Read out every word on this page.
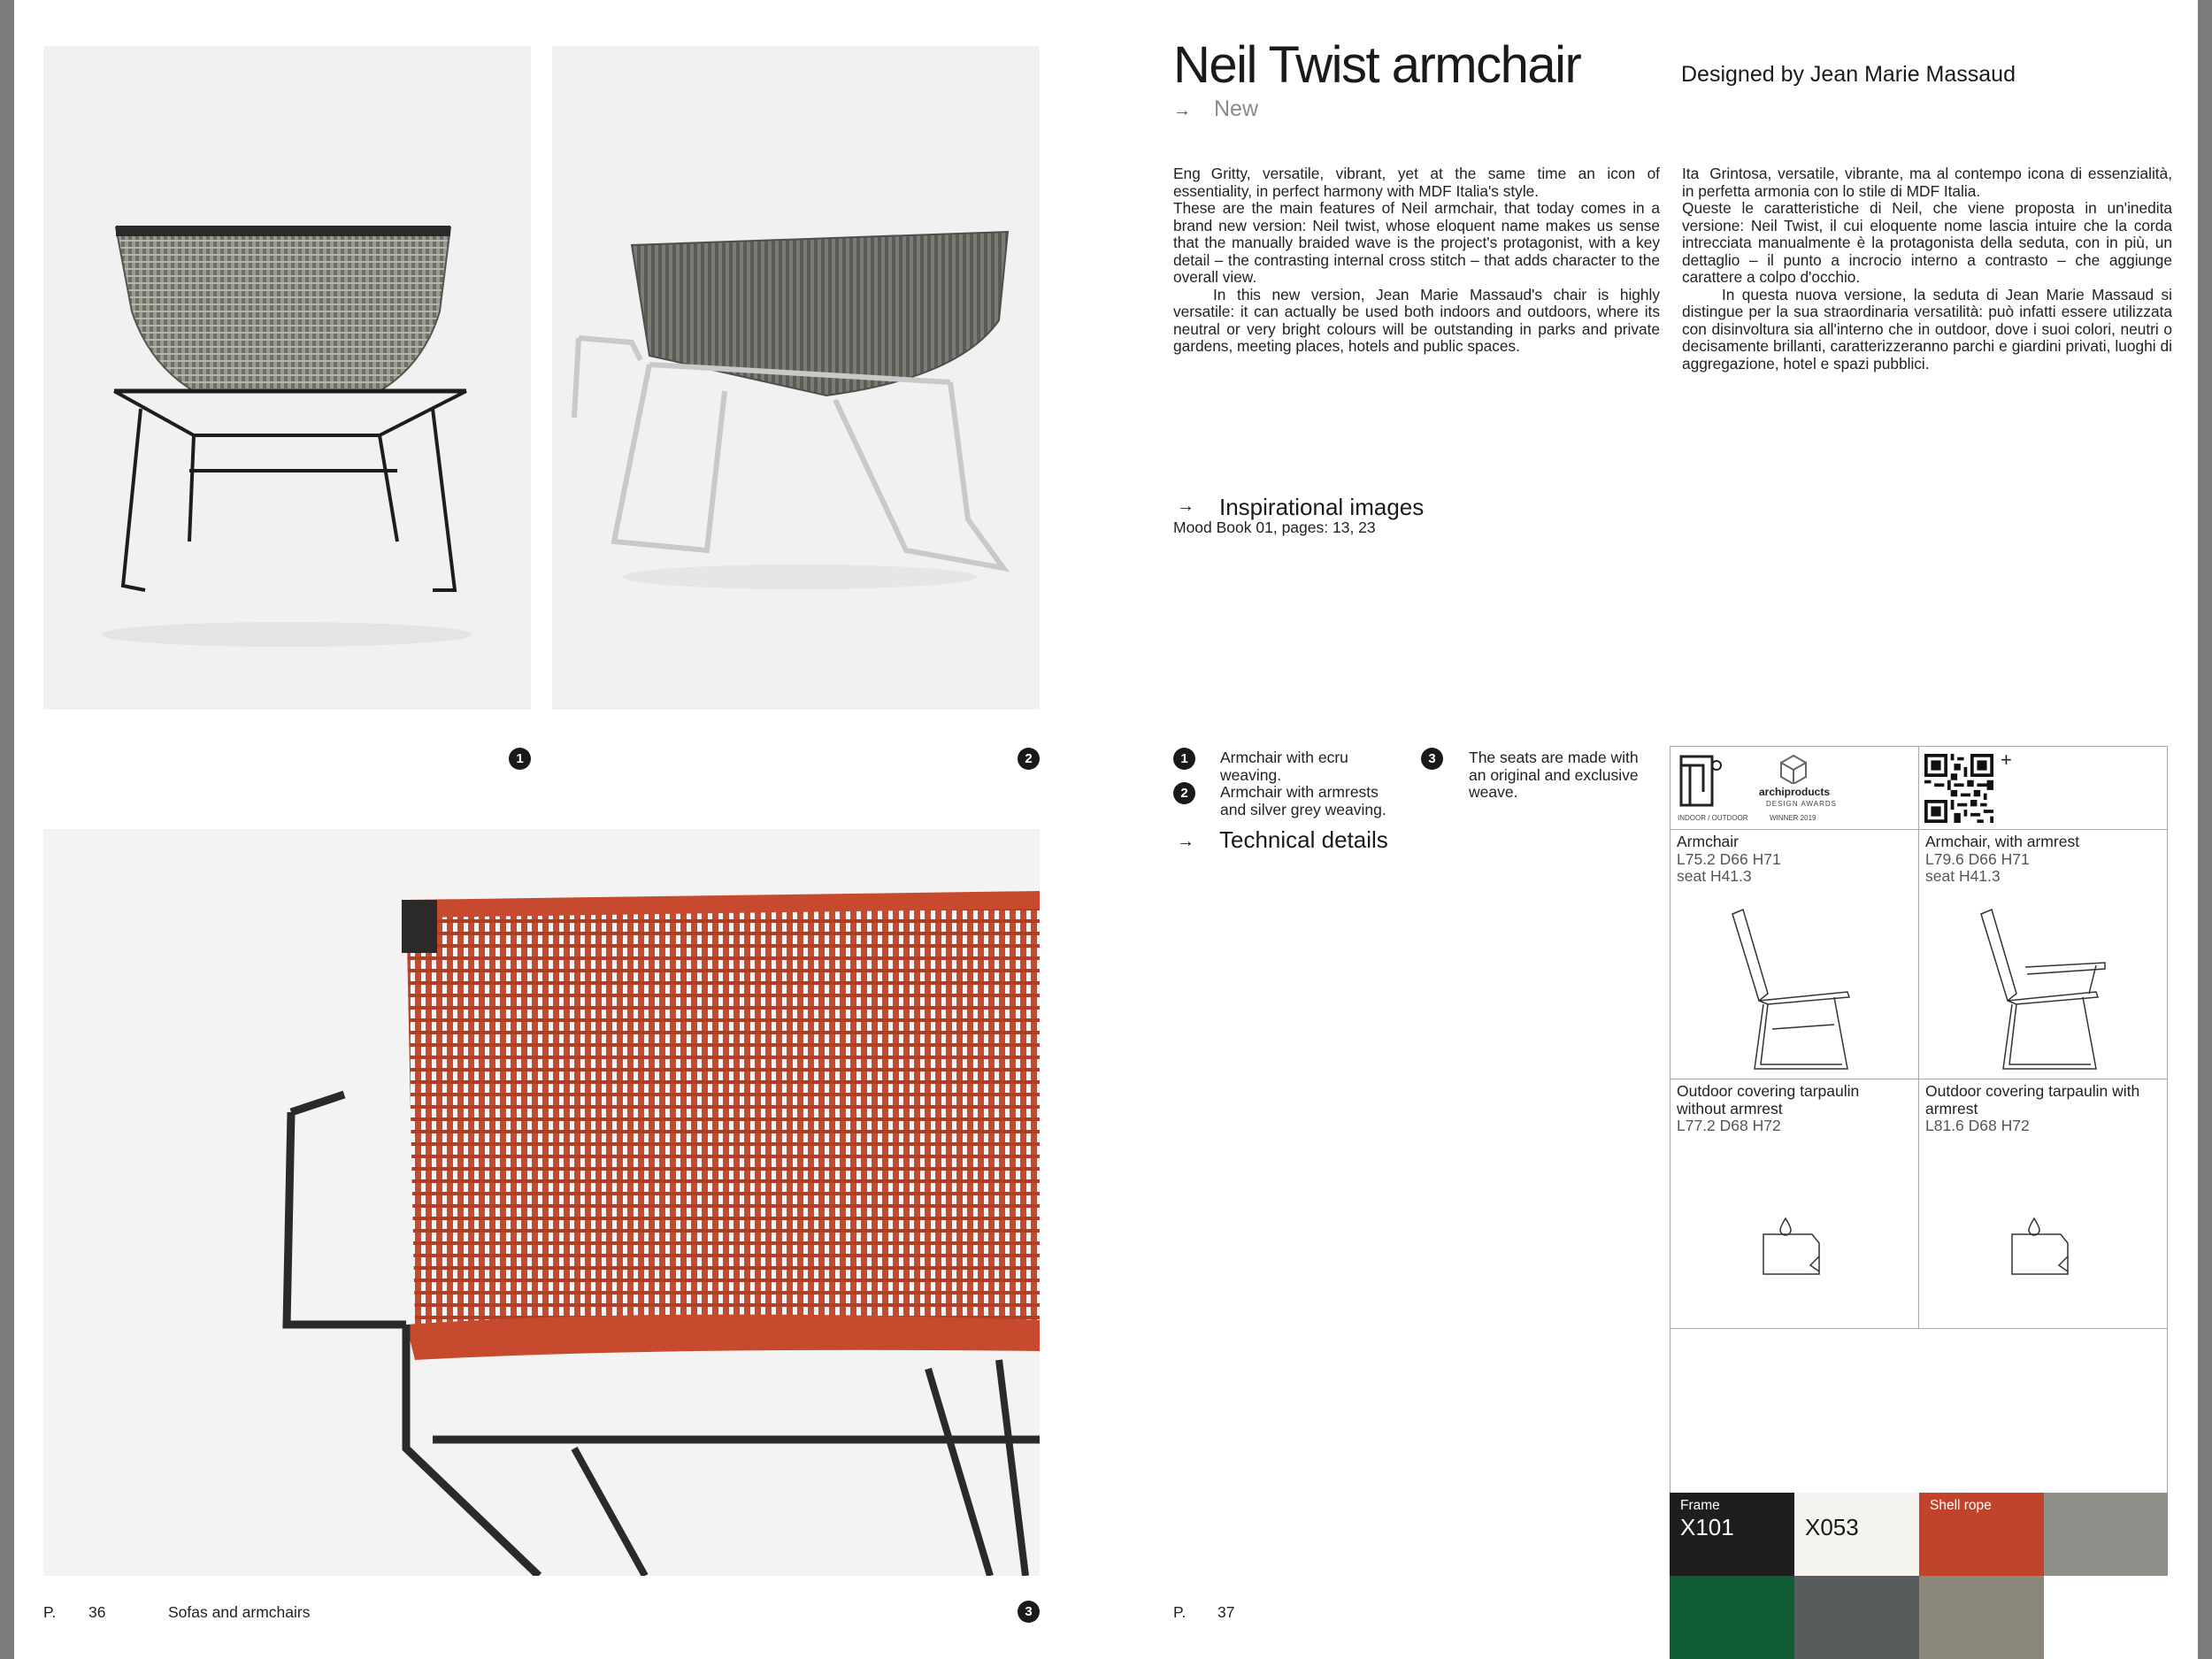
1	2
3
P. 36	Sofas and armchairs
Neil Twist armchair	Designed by Jean Marie Massaud
→ New

Eng Gritty, versatile, vibrant, yet at the same time an icon of essentiality, in perfect harmony with MDF Italia's style.

These are the main features of Neil armchair, that today comes in a brand new version: Neil twist, whose eloquent name makes us sense that the manually braided wave is the project's protagonist, with a key detail – the contrasting internal cross stitch – that adds character to the overall view.

In this new version, Jean Marie Massaud's chair is highly versatile: it can actually be used both indoors and outdoors, where its neutral or very bright colours will be outstanding in parks and private gardens, meeting places, hotels and public spaces.

Ita Grintosa, versatile, vibrante, ma al contempo icona di essenzialità, in perfetta armonia con lo stile di MDF Italia.

Queste le caratteristiche di Neil, che viene proposta in un'inedita versione: Neil Twist, il cui eloquente nome lascia intuire che la corda intrecciata manualmente è la protagonista della seduta, con in più, un dettaglio – il punto a incrocio interno a contrasto – che aggiunge carattere a colpo d'occhio.

In questa nuova versione, la seduta di Jean Marie Massaud si distingue per la sua straordinaria versatilità: può infatti essere utilizzata con disinvoltura sia all'interno che in outdoor, dove i suoi colori, neutri o decisamente brillanti, caratterizzeranno parchi e giardini privati, luoghi di aggregazione, hotel e spazi pubblici.

→ Inspirational images
Mood Book 01, pages: 13, 23
1	Armchair with ecru weaving.
2	Armchair with armrests and silver grey weaving.
3	The seats are made with an original and exclusive weave.
→ Technical details
INDOOR / OUTDOOR
archiproducts
DESIGN AWARDS
WINNER 2019
+
Armchair
L75.2 D66 H71
seat H41.3
Armchair, with armrest
L79.6 D66 H71
seat H41.3
Outdoor covering tarpaulin without armrest
L77.2 D68 H72
Outdoor covering tarpaulin with armrest
L81.6 D68 H72
Frame
X101	X053
Shell rope
P. 37
